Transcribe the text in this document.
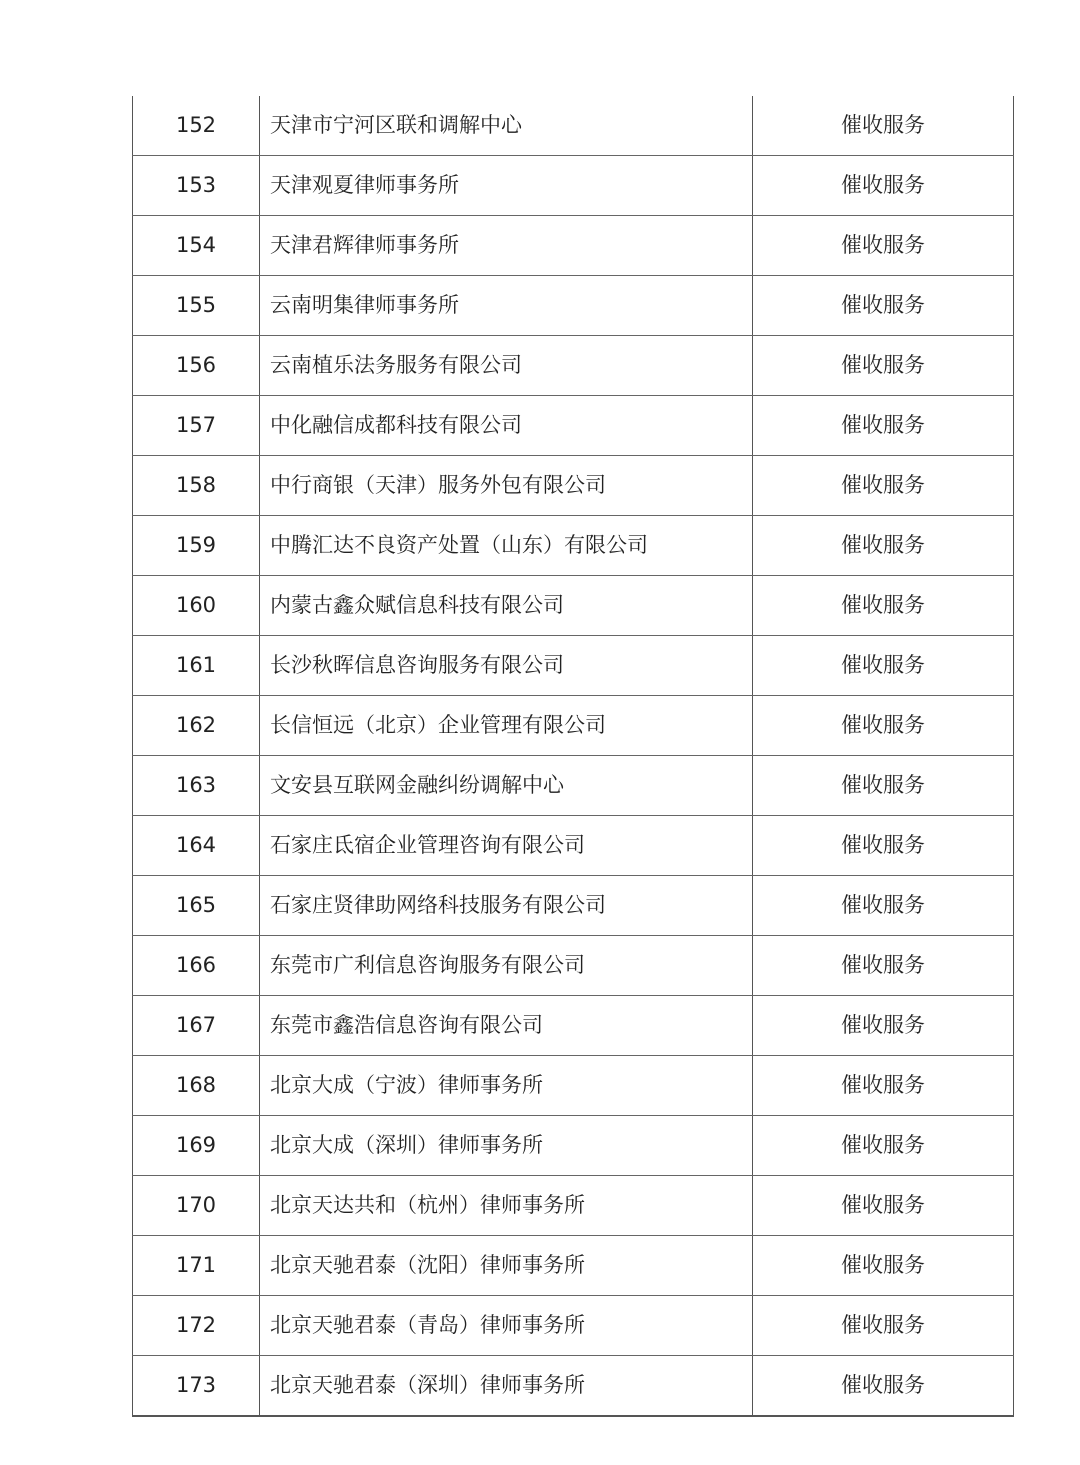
152	天津市宁河区联和调解中心	催收服务
153	天津观夏律师事务所	催收服务
154	天津君辉律师事务所	催收服务
155	云南明集律师事务所	催收服务
156	云南植乐法务服务有限公司	催收服务
157	中化融信成都科技有限公司	催收服务
158	中行商银（天津）服务外包有限公司	催收服务
159	中腾汇达不良资产处置（山东）有限公司	催收服务
160	内蒙古鑫众赋信息科技有限公司	催收服务
161	长沙秋晖信息咨询服务有限公司	催收服务
162	长信恒远（北京）企业管理有限公司	催收服务
163	文安县互联网金融纠纷调解中心	催收服务
164	石家庄氐宿企业管理咨询有限公司	催收服务
165	石家庄贤律助网络科技服务有限公司	催收服务
166	东莞市广利信息咨询服务有限公司	催收服务
167	东莞市鑫浩信息咨询有限公司	催收服务
168	北京大成（宁波）律师事务所	催收服务
169	北京大成（深圳）律师事务所	催收服务
170	北京天达共和（杭州）律师事务所	催收服务
171	北京天驰君泰（沈阳）律师事务所	催收服务
172	北京天驰君泰（青岛）律师事务所	催收服务
173	北京天驰君泰（深圳）律师事务所	催收服务
